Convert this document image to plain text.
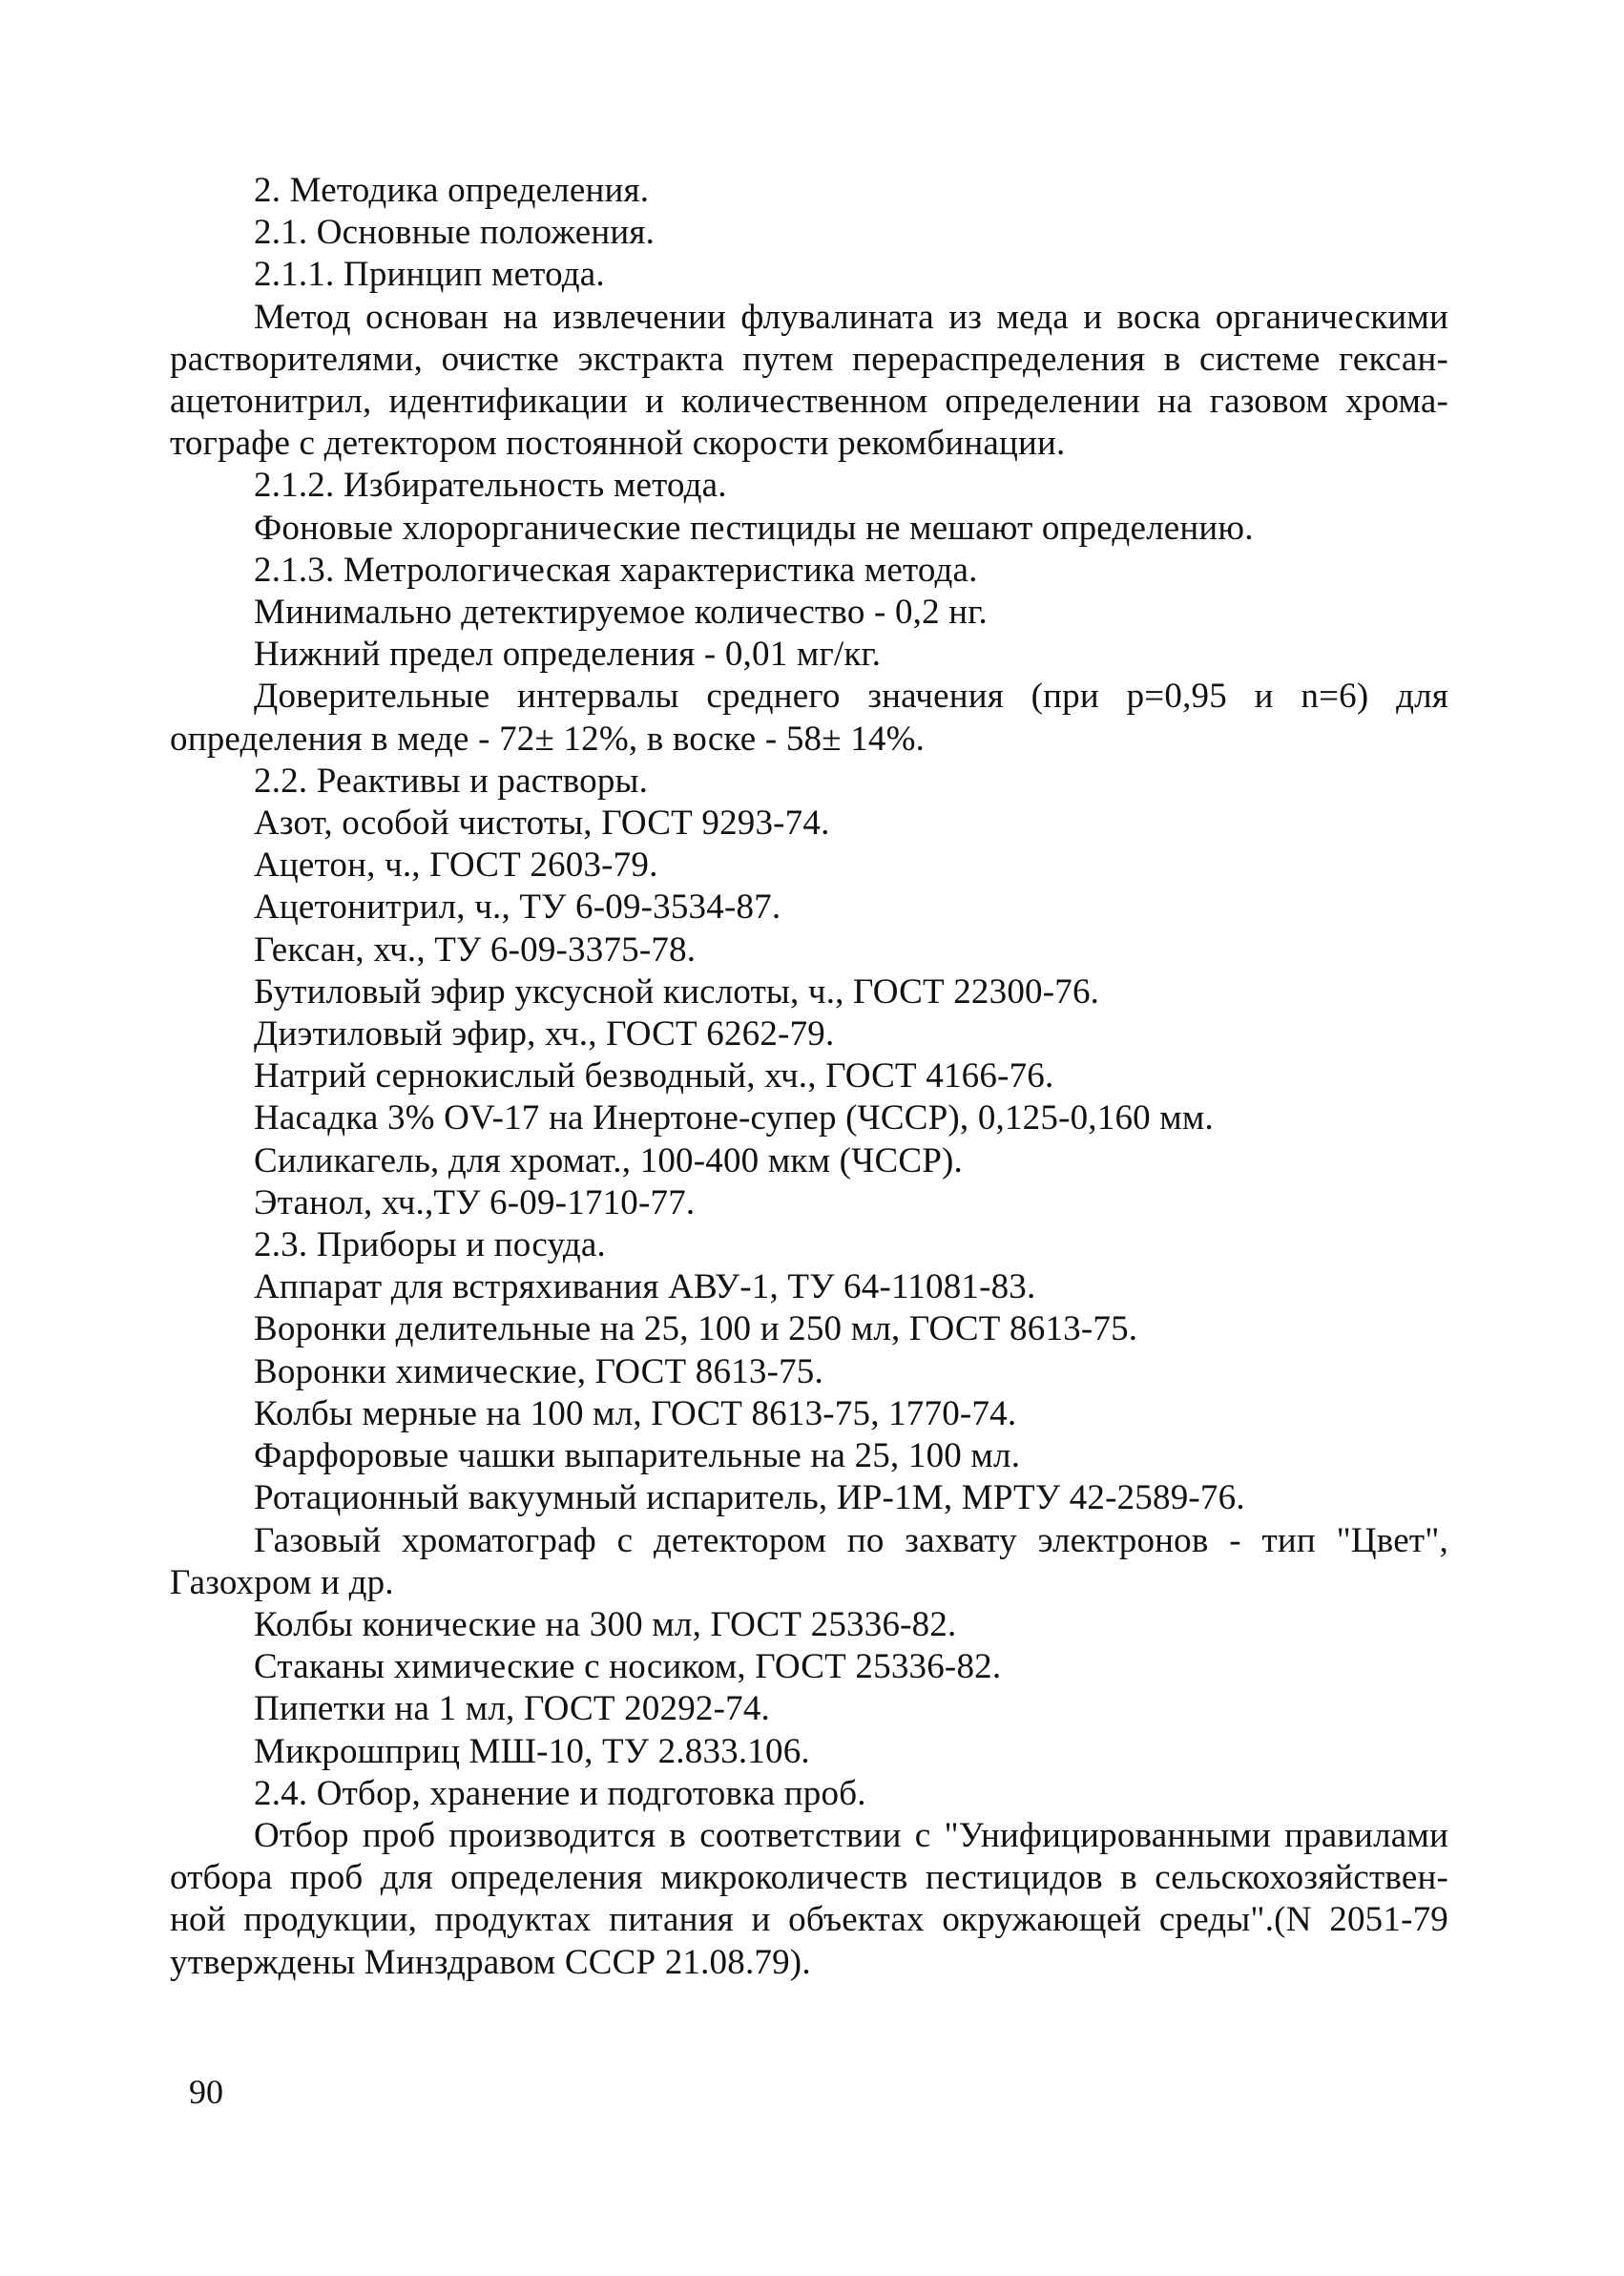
2. Методика определения.
2.1. Основные положения.
2.1.1. Принцип метода.
Метод основан на извлечении флувалината из меда и воска органическими
растворителями, очистке экстракта путем перераспределения в системе гексан-
ацетонитрил, идентификации и количественном определении на газовом хрома-
тографе с детектором постоянной скорости рекомбинации.
2.1.2. Избирательность метода.
Фоновые хлорорганические пестициды не мешают определению.
2.1.3. Метрологическая характеристика метода.
Минимально детектируемое количество - 0,2 нг.
Нижний предел определения - 0,01 мг/кг.
Доверительные интервалы среднего значения (при р=0,95 и n=6) для
определения в меде - 72± 12%, в воске - 58± 14%.
2.2. Реактивы и растворы.
Азот, особой чистоты, ГОСТ 9293-74.
Ацетон, ч., ГОСТ 2603-79.
Ацетонитрил, ч., ТУ 6-09-3534-87.
Гексан, хч., ТУ 6-09-3375-78.
Бутиловый эфир уксусной кислоты, ч., ГОСТ 22300-76.
Диэтиловый эфир, хч., ГОСТ 6262-79.
Натрий сернокислый безводный, хч., ГОСТ 4166-76.
Насадка 3% OV-17 на Инертоне-супер (ЧССР), 0,125-0,160 мм.
Силикагель, для хромат., 100-400 мкм (ЧССР).
Этанол, хч.,ТУ 6-09-1710-77.
2.3. Приборы и посуда.
Аппарат для встряхивания АВУ-1, ТУ 64-11081-83.
Воронки делительные на 25, 100 и 250 мл, ГОСТ 8613-75.
Воронки химические, ГОСТ 8613-75.
Колбы мерные на 100 мл, ГОСТ 8613-75, 1770-74.
Фарфоровые чашки выпарительные на 25, 100 мл.
Ротационный вакуумный испаритель, ИР-1М, МРТУ 42-2589-76.
Газовый хроматограф с детектором по захвату электронов - тип "Цвет",
Газохром и др.
Колбы конические на 300 мл, ГОСТ 25336-82.
Стаканы химические с носиком, ГОСТ 25336-82.
Пипетки на 1 мл, ГОСТ 20292-74.
Микрошприц МШ-10, ТУ 2.833.106.
2.4. Отбор, хранение и подготовка проб.
Отбор проб производится в соответствии с "Унифицированными правилами
отбора проб для определения микроколичеств пестицидов в сельскохозяйствен-
ной продукции, продуктах питания и объектах окружающей среды".(N 2051-79
утверждены Минздравом СССР 21.08.79).
90
